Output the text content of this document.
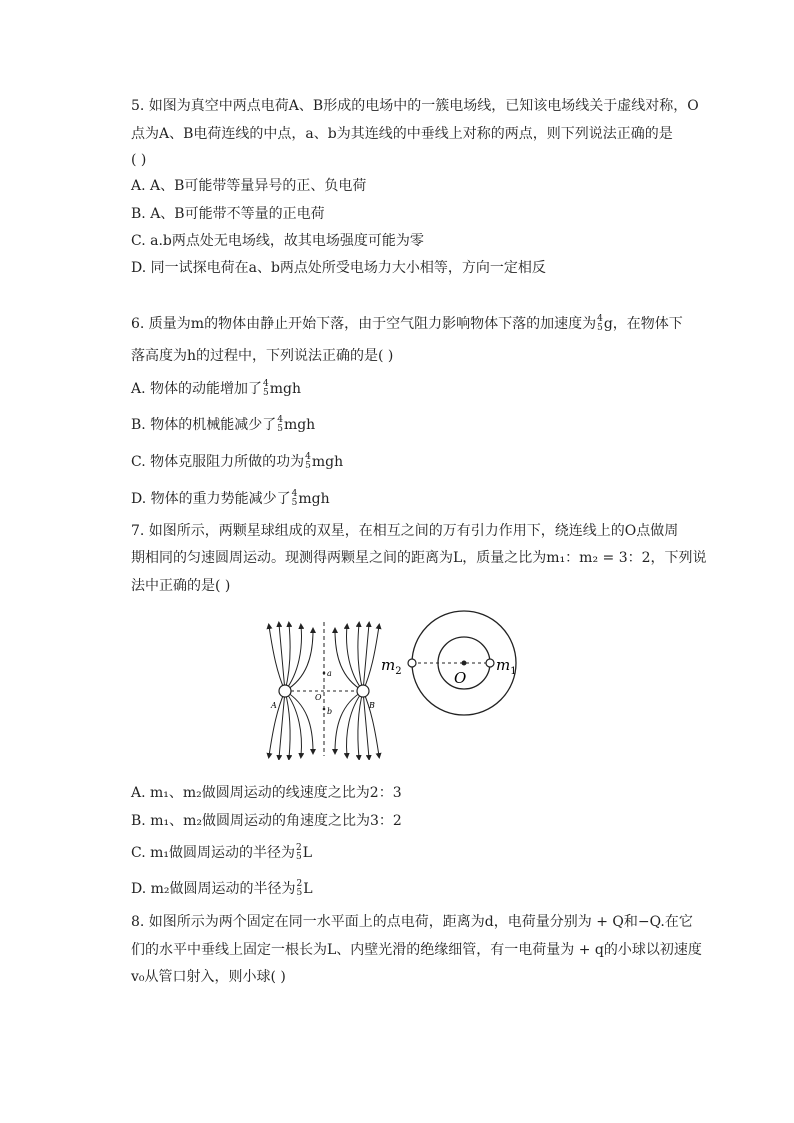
5. 如图为真空中两点电荷A、B形成的电场中的一簇电场线，已知该电场线关于虚线对称，O
点为A、B电荷连线的中点，a、b为其连线的中垂线上对称的两点，则下列说法正确的是
( )
A. A、B可能带等量异号的正、负电荷
B. A、B可能带不等量的正电荷
C. a.b两点处无电场线，故其电场强度可能为零
D. 同一试探电荷在a、b两点处所受电场力大小相等，方向一定相反
6. 质量为m的物体由静止开始下落，由于空气阻力影响物体下落的加速度为 4
5 g，在物体下
落高度为h的过程中，下列说法正确的是( )
A. 物体的动能增加了 4
5 mgh
B. 物体的机械能减少了 4
5 mgh
C. 物体克服阻力所做的功为 4
5 mgh
D. 物体的重力势能减少了 4
5 mgh
7. 如图所示，两颗星球组成的双星，在相互之间的万有引力作用下，绕连线上的O点做周
期相同的匀速圆周运动。现测得两颗星之间的距离为L，质量之比为m₁：m₂ = 3：2，下列说
法中正确的是( )
A	B
O
a
b
$m_2$	$m_1$
O
A. m₁、m₂做圆周运动的线速度之比为2：3
B. m₁、m₂做圆周运动的角速度之比为3：2
C. m₁做圆周运动的半径为 2
5 L
D. m₂做圆周运动的半径为 2
5 L
8. 如图所示为两个固定在同一水平面上的点电荷，距离为d，电荷量分别为 + Q和−Q.在它
们的水平中垂线上固定一根长为L、内壁光滑的绝缘细管，有一电荷量为 + q的小球以初速度
v₀从管口射入，则小球( )
